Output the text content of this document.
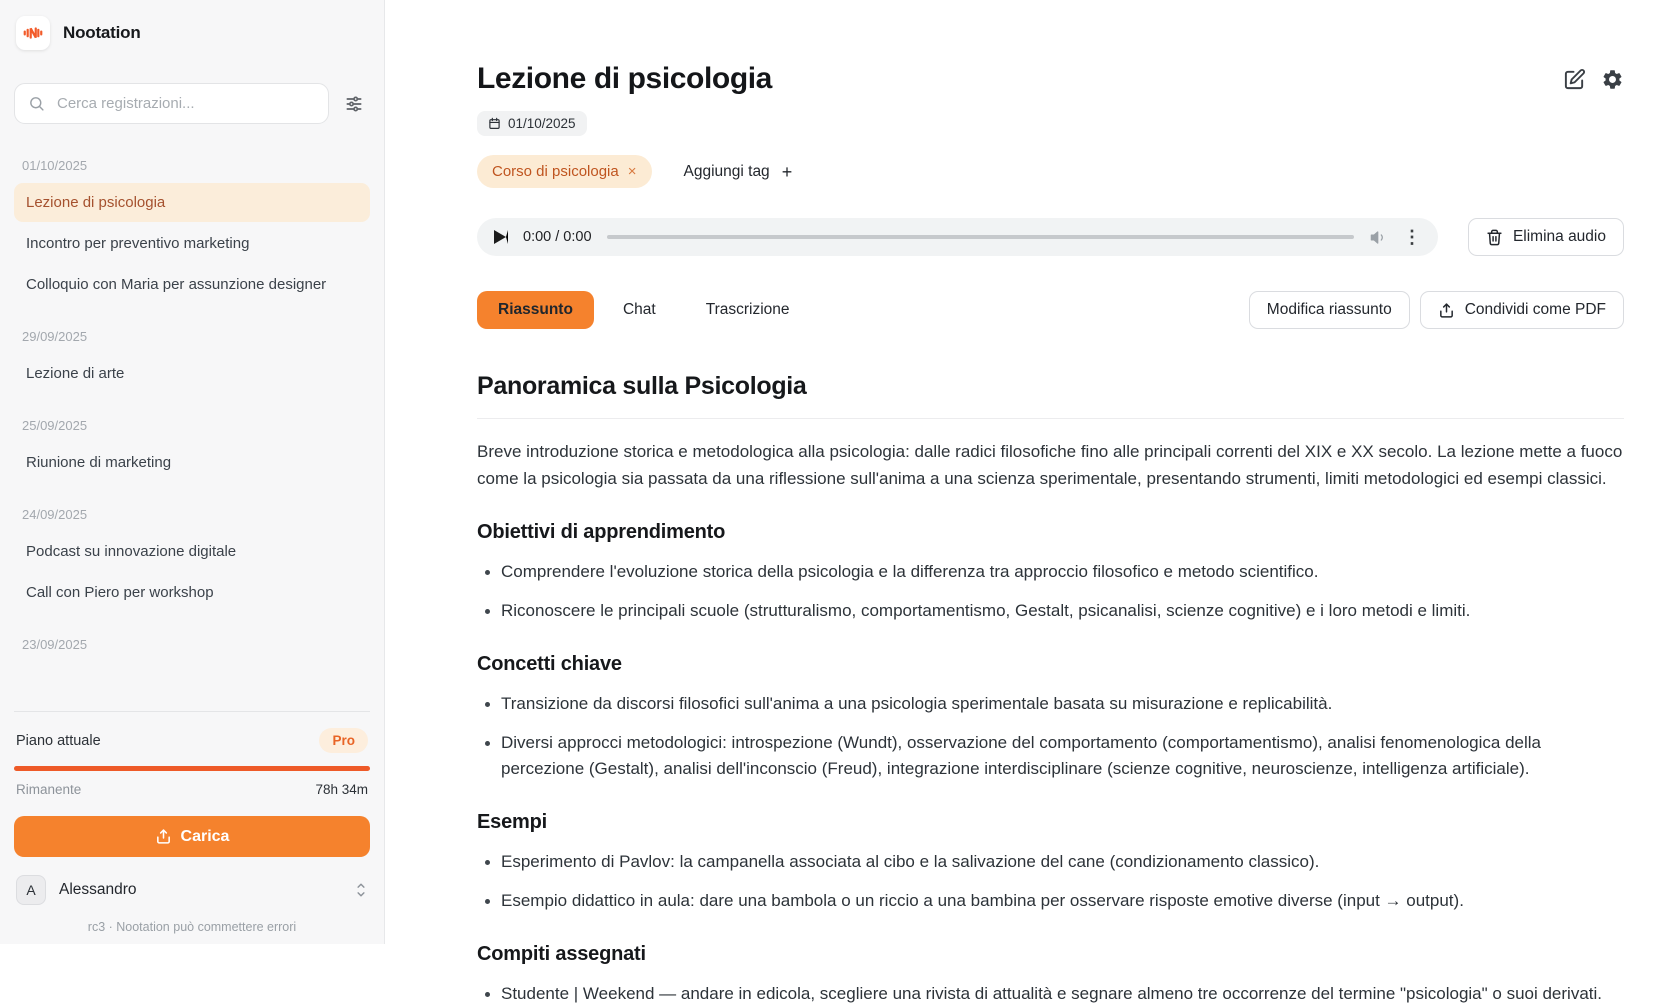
Nootation
Cerca registrazioni...
01/10/2025
Lezione di psicologia
Incontro per preventivo marketing
Colloquio con Maria per assunzione designer
29/09/2025
Lezione di arte
25/09/2025
Riunione di marketing
24/09/2025
Podcast su innovazione digitale
Call con Piero per workshop
23/09/2025
Piano attuale	Pro
Rimanente	78h 34m
Carica
A	Alessandro
rc3 · Nootation può commettere errori
Lezione di psicologia
01/10/2025
Corso di psicologia ×	Aggiungi tag +
0:00 / 0:00	⋮	Elimina audio
Riassunto	Chat	Trascrizione	Modifica riassunto	Condividi come PDF
Panoramica sulla Psicologia

Breve introduzione storica e metodologica alla psicologia: dalle radici filosofiche fino alle principali correnti del XIX e XX secolo. La lezione mette a fuoco come la psicologia sia passata da una riflessione sull'anima a una scienza sperimentale, presentando strumenti, limiti metodologici ed esempi classici.

Obiettivi di apprendimento
Comprendere l'evoluzione storica della psicologia e la differenza tra approccio filosofico e metodo scientifico.
Riconoscere le principali scuole (strutturalismo, comportamentismo, Gestalt, psicanalisi, scienze cognitive) e i loro metodi e limiti.
Concetti chiave
Transizione da discorsi filosofici sull'anima a una psicologia sperimentale basata su misurazione e replicabilità.
Diversi approcci metodologici: introspezione (Wundt), osservazione del comportamento (comportamentismo), analisi fenomenologica della percezione (Gestalt), analisi dell'inconscio (Freud), integrazione interdisciplinare (scienze cognitive, neuroscienze, intelligenza artificiale).
Esempi
Esperimento di Pavlov: la campanella associata al cibo e la salivazione del cane (condizionamento classico).
Esempio didattico in aula: dare una bambola o un riccio a una bambina per osservare risposte emotive diverse (input → output).
Compiti assegnati
Studente | Weekend — andare in edicola, scegliere una rivista di attualità e segnare almeno tre occorrenze del termine "psicologia" o suoi derivati.
